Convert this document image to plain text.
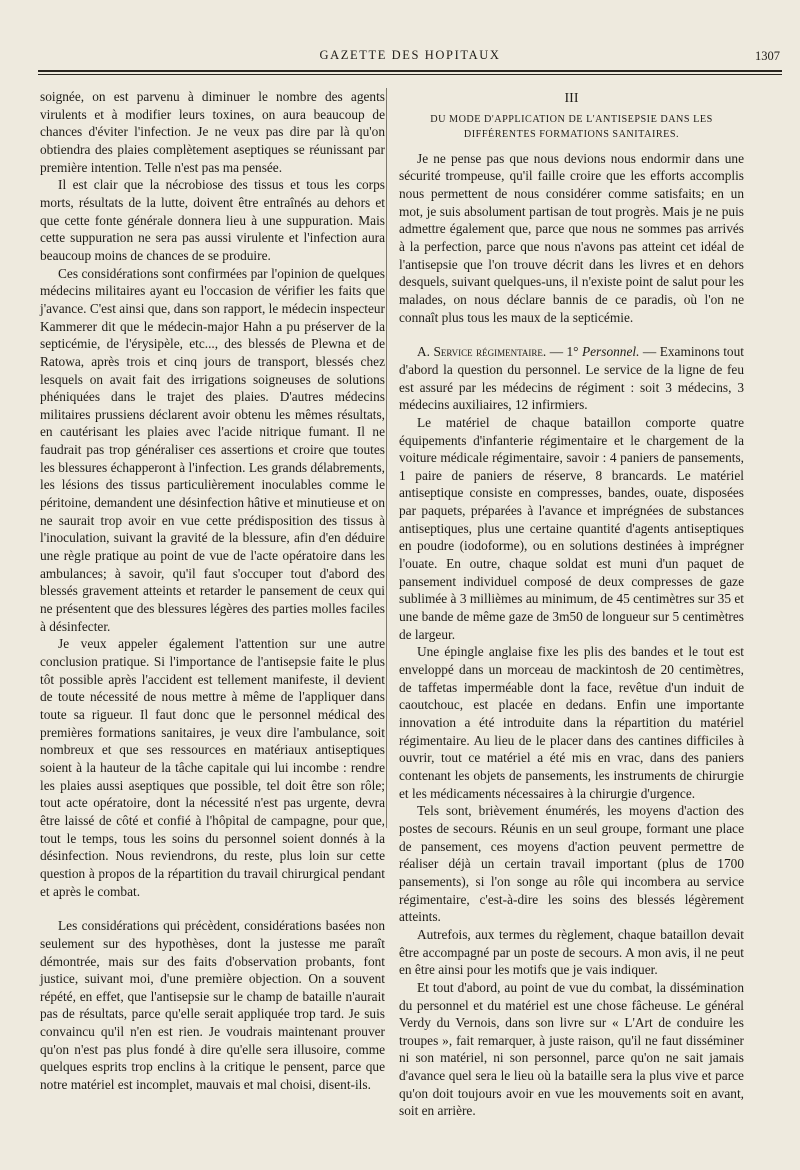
GAZETTE DES HOPITAUX	1307

soignée, on est parvenu à diminuer le nombre des agents virulents et à modifier leurs toxines, on aura beaucoup de chances d'éviter l'infection. Je ne veux pas dire par là qu'on obtiendra des plaies complètement aseptiques se réunissant par première intention. Telle n'est pas ma pensée.

Il est clair que la nécrobiose des tissus et tous les corps morts, résultats de la lutte, doivent être entraînés au dehors et que cette fonte générale donnera lieu à une suppuration. Mais cette suppuration ne sera pas aussi virulente et l'infection aura beaucoup moins de chances de se produire.

Ces considérations sont confirmées par l'opinion de quelques médecins militaires ayant eu l'occasion de vérifier les faits que j'avance. C'est ainsi que, dans son rapport, le médecin inspecteur Kammerer dit que le médecin-major Hahn a pu préserver de la septicémie, de l'érysipèle, etc..., des blessés de Plewna et de Ratowa, après trois et cinq jours de transport, blessés chez lesquels on avait fait des irrigations soigneuses de solutions phéniquées dans le trajet des plaies. D'autres médecins militaires prussiens déclarent avoir obtenu les mêmes résultats, en cautérisant les plaies avec l'acide nitrique fumant. Il ne faudrait pas trop généraliser ces assertions et croire que toutes les blessures échapperont à l'infection. Les grands délabrements, les lésions des tissus particulièrement inoculables comme le péritoine, demandent une désinfection hâtive et minutieuse et on ne saurait trop avoir en vue cette prédisposition des tissus à l'inoculation, suivant la gravité de la blessure, afin d'en déduire une règle pratique au point de vue de l'acte opératoire dans les ambulances; à savoir, qu'il faut s'occuper tout d'abord des blessés gravement atteints et retarder le pansement de ceux qui ne présentent que des blessures légères des parties molles faciles à désinfecter.

Je veux appeler également l'attention sur une autre conclusion pratique. Si l'importance de l'antisepsie faite le plus tôt possible après l'accident est tellement manifeste, il devient de toute nécessité de nous mettre à même de l'appliquer dans toute sa rigueur. Il faut donc que le personnel médical des premières formations sanitaires, je veux dire l'ambulance, soit nombreux et que ses ressources en matériaux antiseptiques soient à la hauteur de la tâche capitale qui lui incombe : rendre les plaies aussi aseptiques que possible, tel doit être son rôle; tout acte opératoire, dont la nécessité n'est pas urgente, devra être laissé de côté et confié à l'hôpital de campagne, pour que, tout le temps, tous les soins du personnel soient donnés à la désinfection. Nous reviendrons, du reste, plus loin sur cette question à propos de la répartition du travail chirurgical pendant et après le combat.

Les considérations qui précèdent, considérations basées non seulement sur des hypothèses, dont la justesse me paraît démontrée, mais sur des faits d'observation probants, font justice, suivant moi, d'une première objection. On a souvent répété, en effet, que l'antisepsie sur le champ de bataille n'aurait pas de résultats, parce qu'elle serait appliquée trop tard. Je suis convaincu qu'il n'en est rien. Je voudrais maintenant prouver qu'on n'est pas plus fondé à dire qu'elle sera illusoire, comme quelques esprits trop enclins à la critique le pensent, parce que notre matériel est incomplet, mauvais et mal choisi, disent-ils.

III
DU MODE D'APPLICATION DE L'ANTISEPSIE DANS LES DIFFÉRENTES FORMATIONS SANITAIRES.

Je ne pense pas que nous devions nous endormir dans une sécurité trompeuse, qu'il faille croire que les efforts accomplis nous permettent de nous considérer comme satisfaits; en un mot, je suis absolument partisan de tout progrès. Mais je ne puis admettre également que, parce que nous ne sommes pas arrivés à la perfection, parce que nous n'avons pas atteint cet idéal de l'antisepsie que l'on trouve décrit dans les livres et en dehors desquels, suivant quelques-uns, il n'existe point de salut pour les malades, on nous déclare bannis de ce paradis, où l'on ne connaît plus tous les maux de la septicémie.

A. Service régimentaire. — 1° Personnel. — Examinons tout d'abord la question du personnel. Le service de la ligne de feu est assuré par les médecins de régiment : soit 3 médecins, 3 médecins auxiliaires, 12 infirmiers.

Le matériel de chaque bataillon comporte quatre équipements d'infanterie régimentaire et le chargement de la voiture médicale régimentaire, savoir : 4 paniers de pansements, 1 paire de paniers de réserve, 8 brancards. Le matériel antiseptique consiste en compresses, bandes, ouate, disposées par paquets, préparées à l'avance et imprégnées de substances antiseptiques, plus une certaine quantité d'agents antiseptiques en poudre (iodoforme), ou en solutions destinées à imprégner l'ouate. En outre, chaque soldat est muni d'un paquet de pansement individuel composé de deux compresses de gaze sublimée à 3 millièmes au minimum, de 45 centimètres sur 35 et une bande de même gaze de 3m50 de longueur sur 5 centimètres de largeur.

Une épingle anglaise fixe les plis des bandes et le tout est enveloppé dans un morceau de mackintosh de 20 centimètres, de taffetas imperméable dont la face, revêtue d'un induit de caoutchouc, est placée en dedans. Enfin une importante innovation a été introduite dans la répartition du matériel régimentaire. Au lieu de le placer dans des cantines difficiles à ouvrir, tout ce matériel a été mis en vrac, dans des paniers contenant les objets de pansements, les instruments de chirurgie et les médicaments nécessaires à la chirurgie d'urgence.

Tels sont, brièvement énumérés, les moyens d'action des postes de secours. Réunis en un seul groupe, formant une place de pansement, ces moyens d'action peuvent permettre de réaliser déjà un certain travail important (plus de 1700 pansements), si l'on songe au rôle qui incombera au service régimentaire, c'est-à-dire les soins des blessés légèrement atteints.

Autrefois, aux termes du règlement, chaque bataillon devait être accompagné par un poste de secours. A mon avis, il ne peut en être ainsi pour les motifs que je vais indiquer.

Et tout d'abord, au point de vue du combat, la dissémination du personnel et du matériel est une chose fâcheuse. Le général Verdy du Vernois, dans son livre sur « L'Art de conduire les troupes », fait remarquer, à juste raison, qu'il ne faut disséminer ni son matériel, ni son personnel, parce qu'on ne sait jamais d'avance quel sera le lieu où la bataille sera la plus vive et parce qu'on doit toujours avoir en vue les mouvements soit en avant, soit en arrière.
